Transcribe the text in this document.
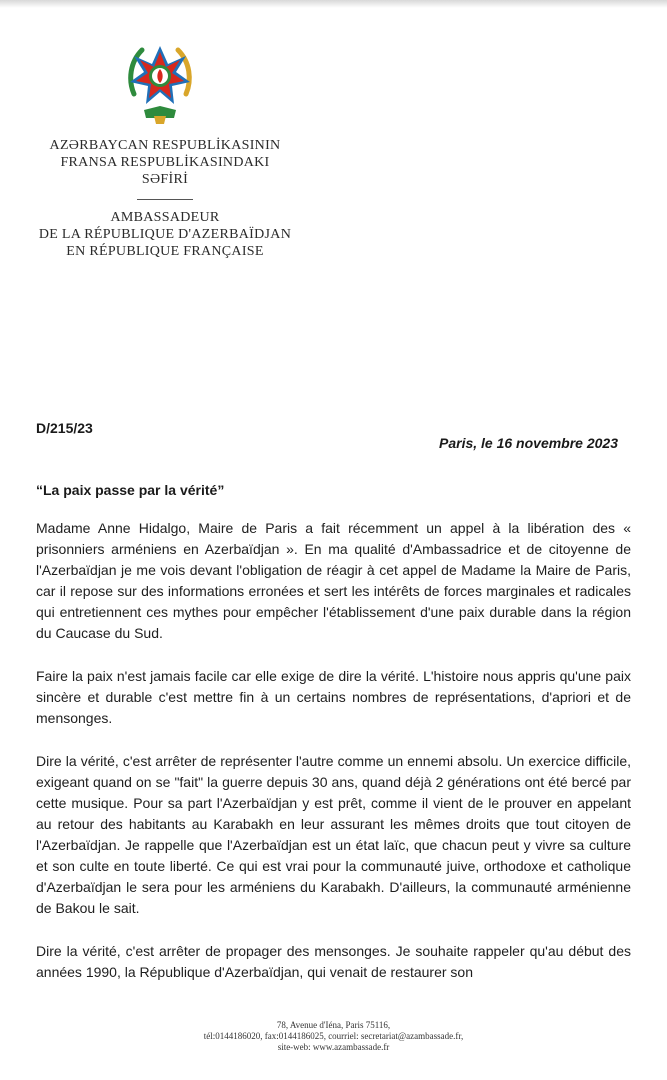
AZƏRBAYCAN RESPUBLİKASININ
FRANSA RESPUBLİKASINDAKI
SƏFİRİ
AMBASSADEUR
DE LA RÉPUBLIQUE D'AZERBAÏDJAN
EN RÉPUBLIQUE FRANÇAISE
D/215/23
Paris, le 16 novembre 2023
“La paix passe par la vérité”

Madame Anne Hidalgo, Maire de Paris a fait récemment un appel à la libération des « prisonniers arméniens en Azerbaïdjan ». En ma qualité d'Ambassadrice et de citoyenne de l'Azerbaïdjan je me vois devant l'obligation de réagir à cet appel de Madame la Maire de Paris, car il repose sur des informations erronées et sert les intérêts de forces marginales et radicales qui entretiennent ces mythes pour empêcher l'établissement d'une paix durable dans la région du Caucase du Sud.

Faire la paix n'est jamais facile car elle exige de dire la vérité. L'histoire nous appris qu'une paix sincère et durable c'est mettre fin à un certains nombres de représentations, d'apriori et de mensonges.

Dire la vérité, c'est arrêter de représenter l'autre comme un ennemi absolu. Un exercice difficile, exigeant quand on se "fait" la guerre depuis 30 ans, quand déjà 2 générations ont été bercé par cette musique. Pour sa part l'Azerbaïdjan y est prêt, comme il vient de le prouver en appelant au retour des habitants au Karabakh en leur assurant les mêmes droits que tout citoyen de l'Azerbaïdjan. Je rappelle que l'Azerbaïdjan est un état laïc, que chacun peut y vivre sa culture et son culte en toute liberté. Ce qui est vrai pour la communauté juive, orthodoxe et catholique d'Azerbaïdjan le sera pour les arméniens du Karabakh. D'ailleurs, la communauté arménienne de Bakou le sait.

Dire la vérité, c'est arrêter de propager des mensonges. Je souhaite rappeler qu'au début des années 1990, la République d'Azerbaïdjan, qui venait de restaurer son

78, Avenue d'Iéna, Paris 75116,
tél:0144186020, fax:0144186025, courriel: secretariat@azambassade.fr,
site-web: www.azambassade.fr
